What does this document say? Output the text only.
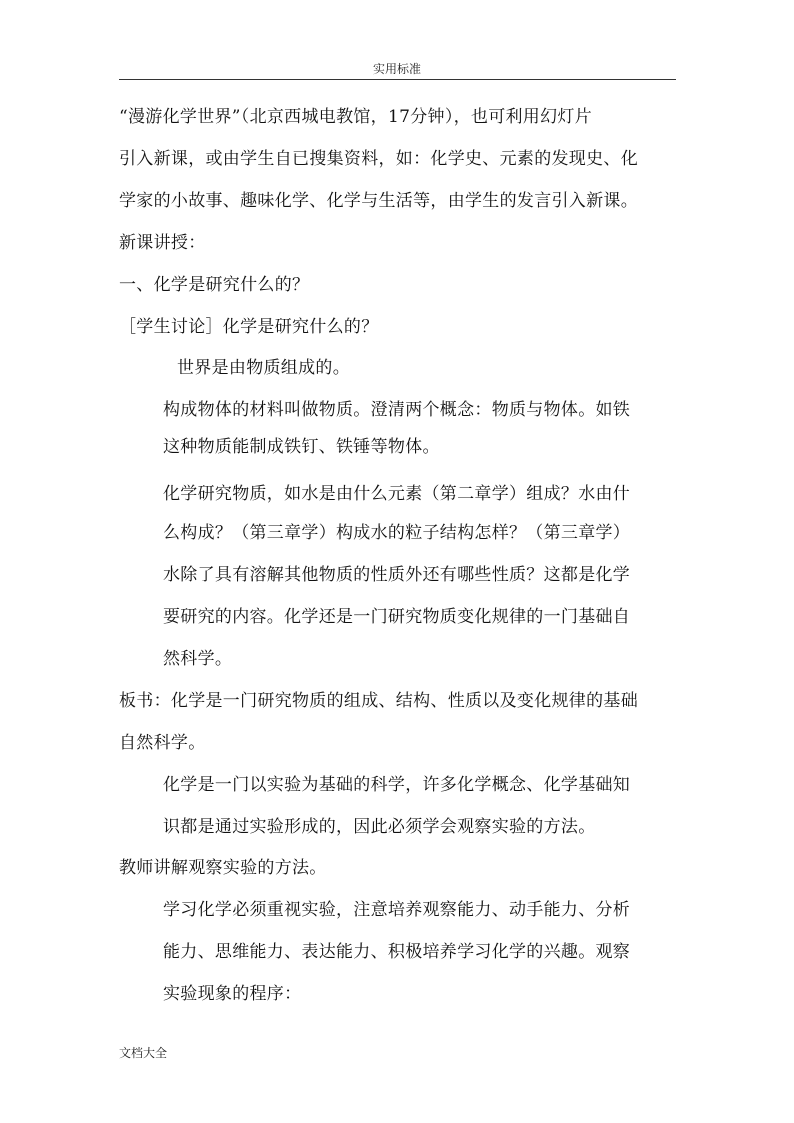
实用标准
“漫游化学世界”（北京西城电教馆，17分钟），也可利用幻灯片
引入新课，或由学生自已搜集资料，如：化学史、元素的发现史、化
学家的小故事、趣味化学、化学与生活等，由学生的发言引入新课。
新课讲授：
一、化学是研究什么的？
［学生讨论］化学是研究什么的？
世界是由物质组成的。
构成物体的材料叫做物质。澄清两个概念：物质与物体。如铁
这种物质能制成铁钉、铁锤等物体。
化学研究物质，如水是由什么元素（第二章学）组成？水由什
么构成？（第三章学）构成水的粒子结构怎样？（第三章学）
水除了具有溶解其他物质的性质外还有哪些性质？这都是化学
要研究的内容。化学还是一门研究物质变化规律的一门基础自
然科学。
板书：化学是一门研究物质的组成、结构、性质以及变化规律的基础
自然科学。
化学是一门以实验为基础的科学，许多化学概念、化学基础知
识都是通过实验形成的，因此必须学会观察实验的方法。
教师讲解观察实验的方法。
学习化学必须重视实验，注意培养观察能力、动手能力、分析
能力、思维能力、表达能力、积极培养学习化学的兴趣。观察
实验现象的程序：
文档大全
